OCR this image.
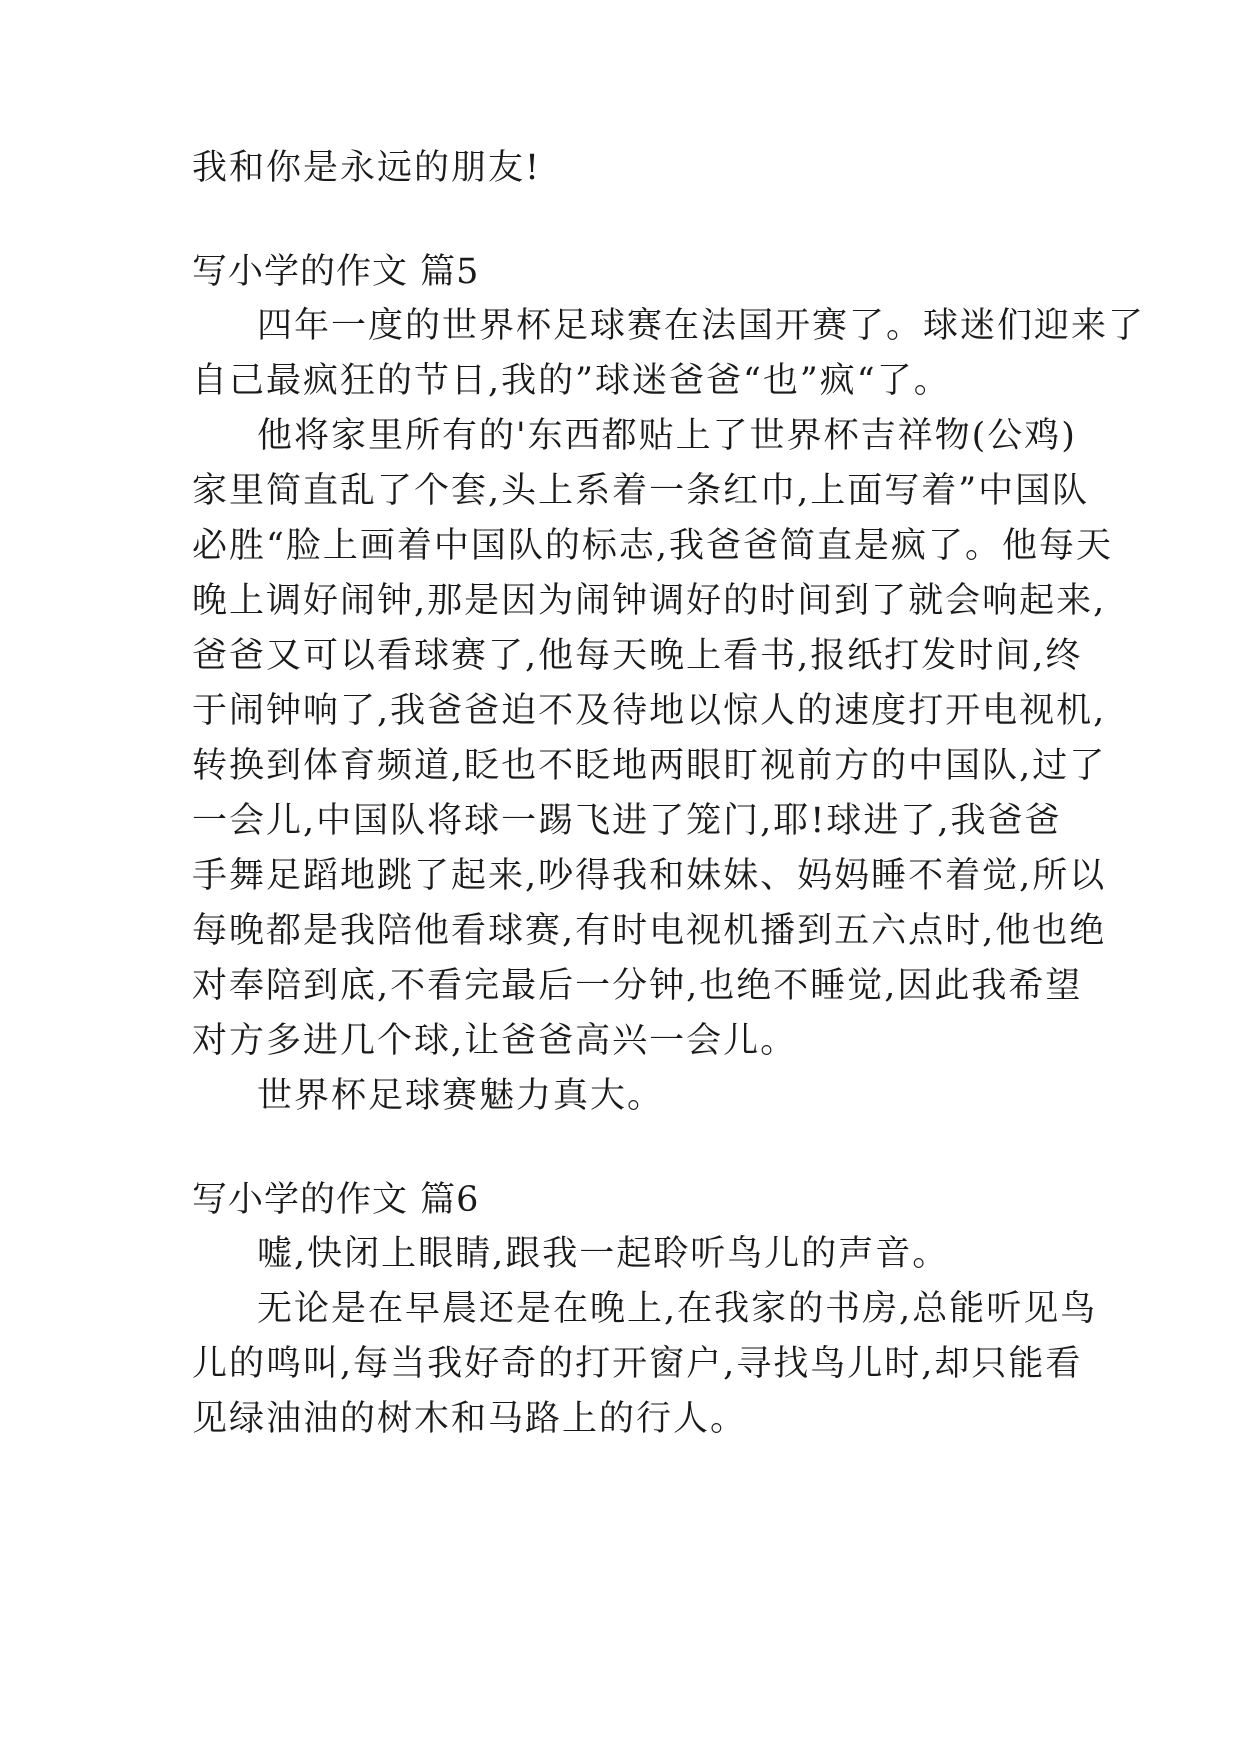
我和你是永远的朋友!
写小学的作文 篇5
四年一度的世界杯足球赛在法国开赛了。球迷们迎来了
自己最疯狂的节日,我的”球迷爸爸“也”疯“了。
他将家里所有的'东西都贴上了世界杯吉祥物(公鸡)
家里简直乱了个套,头上系着一条红巾,上面写着”中国队
必胜“脸上画着中国队的标志,我爸爸简直是疯了。他每天
晚上调好闹钟,那是因为闹钟调好的时间到了就会响起来,
爸爸又可以看球赛了,他每天晚上看书,报纸打发时间,终
于闹钟响了,我爸爸迫不及待地以惊人的速度打开电视机,
转换到体育频道,眨也不眨地两眼盯视前方的中国队,过了
一会儿,中国队将球一踢飞进了笼门,耶!球进了,我爸爸
手舞足蹈地跳了起来,吵得我和妹妹、妈妈睡不着觉,所以
每晚都是我陪他看球赛,有时电视机播到五六点时,他也绝
对奉陪到底,不看完最后一分钟,也绝不睡觉,因此我希望
对方多进几个球,让爸爸高兴一会儿。
世界杯足球赛魅力真大。
写小学的作文 篇6
嘘,快闭上眼睛,跟我一起聆听鸟儿的声音。
无论是在早晨还是在晚上,在我家的书房,总能听见鸟
儿的鸣叫,每当我好奇的打开窗户,寻找鸟儿时,却只能看
见绿油油的树木和马路上的行人。
